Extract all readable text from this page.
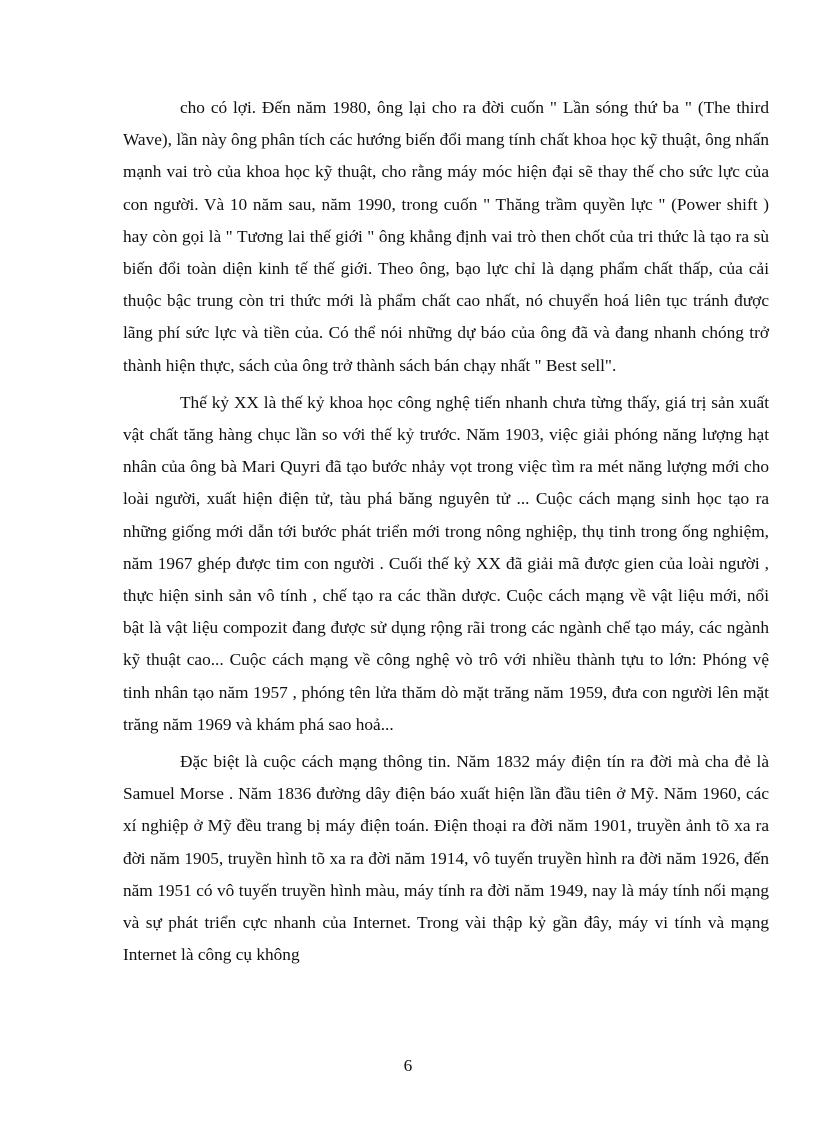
cho có lợi. Đến năm 1980, ông lại cho ra đời cuốn " Lần sóng thứ ba " (The third Wave), lần này ông phân tích các hướng biến đổi mang tính chất khoa học kỹ thuật, ông nhấn mạnh vai trò của khoa học kỹ thuật, cho rằng máy móc hiện đại sẽ thay thế cho sức lực của con người. Và 10 năm sau, năm 1990, trong cuốn " Thăng trầm quyền lực " (Power shift ) hay còn gọi là " Tương lai thế giới " ông khẳng định vai trò then chốt của tri thức là tạo ra sù biến đổi toàn diện kinh tế thế giới. Theo ông, bạo lực chỉ là dạng phẩm chất thấp, của cải thuộc bậc trung còn tri thức mới là phẩm chất cao nhất, nó chuyển hoá liên tục tránh được lãng phí sức lực và tiền của. Có thể nói những dự báo của ông đã và đang nhanh chóng trở thành hiện thực, sách của ông trở thành sách bán chạy nhất " Best sell".

Thế kỷ XX là thế kỷ khoa học công nghệ tiến nhanh chưa từng thấy, giá trị sản xuất vật chất tăng hàng chục lần so với thế kỷ trước. Năm 1903, việc giải phóng năng lượng hạt nhân của ông bà Mari Quyri đã tạo bước nhảy vọt trong việc tìm ra mét năng lượng mới cho loài người, xuất hiện điện tử, tàu phá băng nguyên tử ... Cuộc cách mạng sinh học tạo ra những giống mới dẫn tới bước phát triển mới trong nông nghiệp, thụ tinh trong ống nghiệm, năm 1967 ghép được tim con người . Cuối thế kỷ XX đã giải mã được gien của loài người , thực hiện sinh sản vô tính , chế tạo ra các thần dược. Cuộc cách mạng về vật liệu mới, nổi bật là vật liệu compozit đang được sử dụng rộng rãi trong các ngành chế tạo máy, các ngành kỹ thuật cao... Cuộc cách mạng về công nghệ vò trô với nhiều thành tựu to lớn: Phóng vệ tinh nhân tạo năm 1957 , phóng tên lửa thăm dò mặt trăng năm 1959, đưa con người lên mặt trăng năm 1969 và khám phá sao hoả...

Đặc biệt là cuộc cách mạng thông tin. Năm 1832 máy điện tín ra đời mà cha đẻ là Samuel Morse . Năm 1836 đường dây điện báo xuất hiện lần đầu tiên ở Mỹ. Năm 1960, các xí nghiệp ở Mỹ đều trang bị máy điện toán. Điện thoại ra đời năm 1901, truyền ảnh tõ xa ra đời năm 1905, truyền hình tõ xa ra đời năm 1914, vô tuyến truyền hình ra đời năm 1926, đến năm 1951 có vô tuyến truyền hình màu, máy tính ra đời năm 1949, nay là máy tính nối mạng và sự phát triển cực nhanh của Internet. Trong vài thập kỷ gần đây, máy vi tính và mạng Internet là công cụ không

6
